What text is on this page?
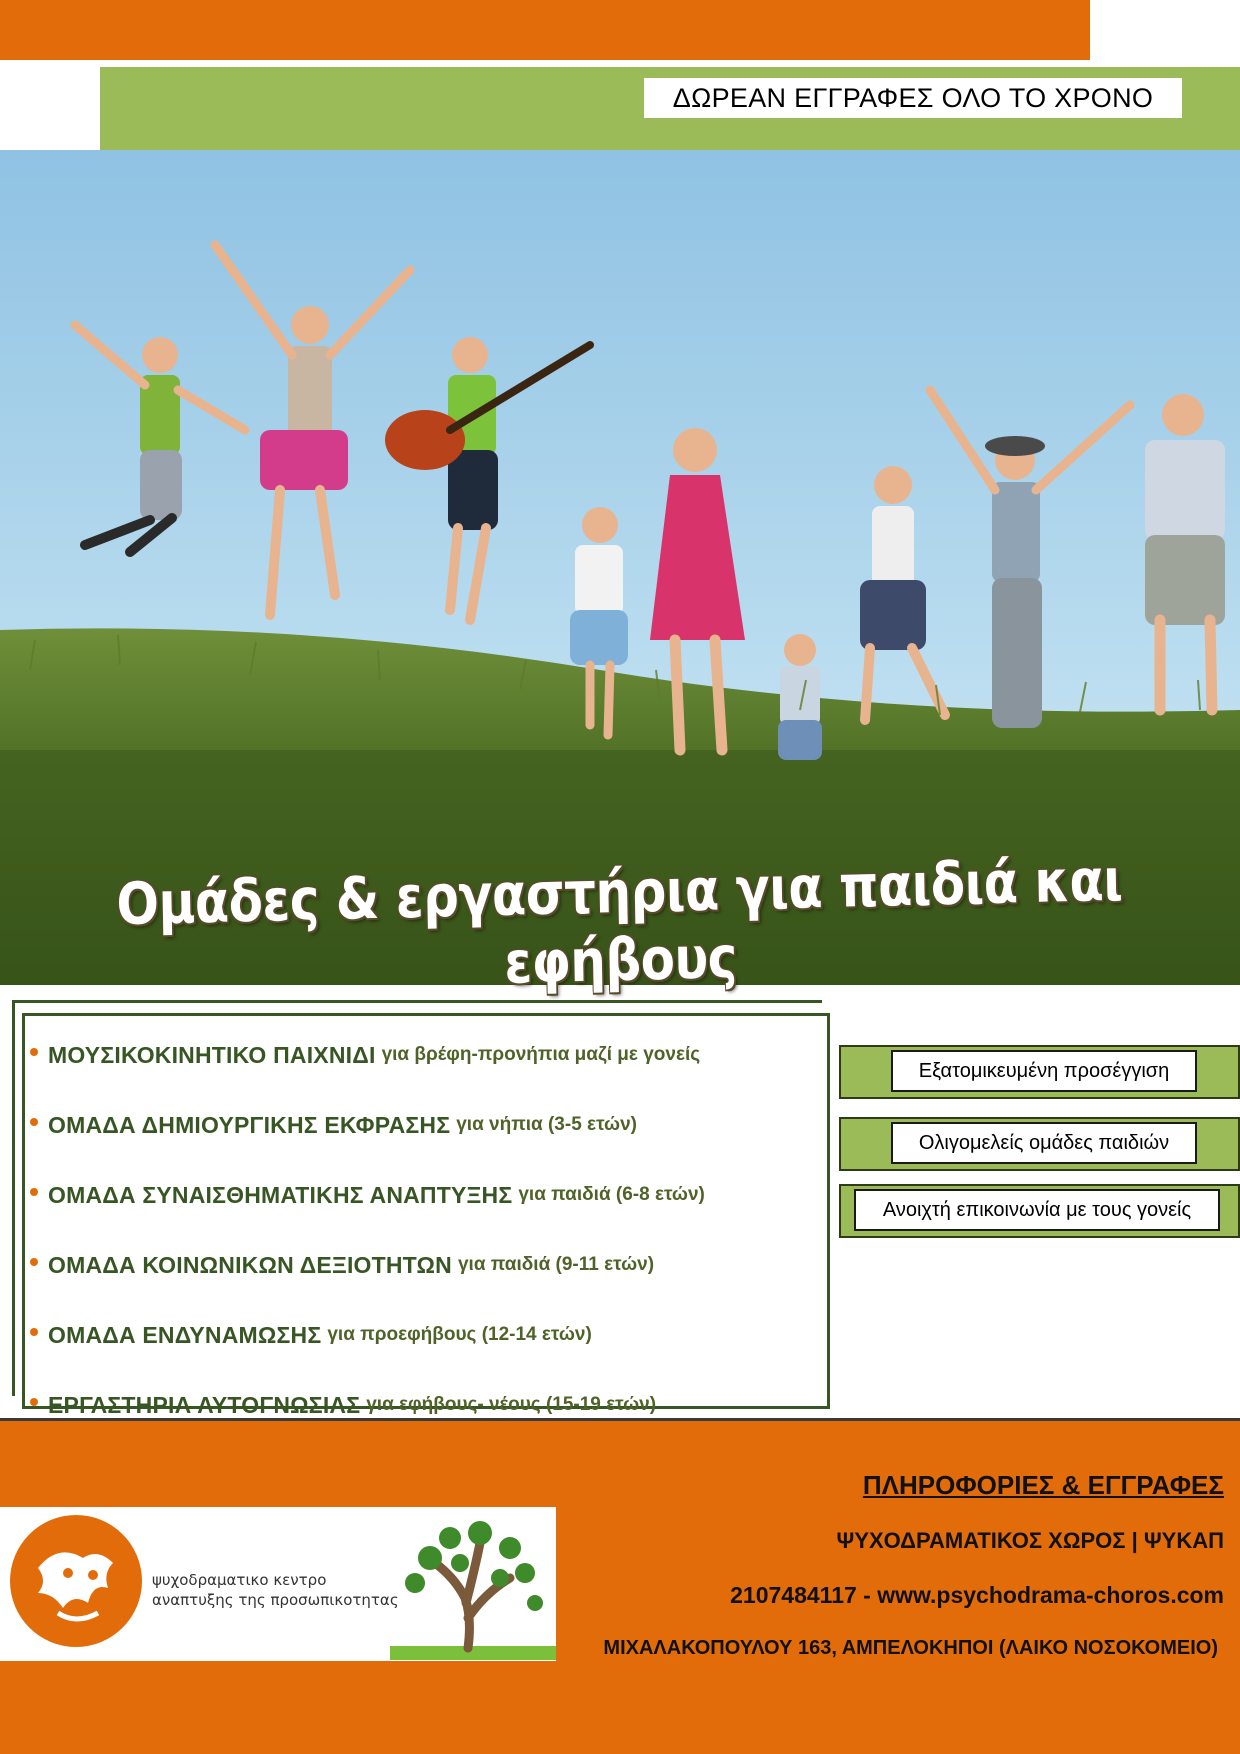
ΔΩΡΕΑΝ ΕΓΓΡΑΦΕΣ ΟΛΟ ΤΟ ΧΡΟΝΟ
Ομάδες & εργαστήρια για παιδιά και εφήβους
ΜΟΥΣΙΚΟΚΙΝΗΤΙΚΟ ΠΑΙΧΝΙΔΙ για βρέφη-προνήπια μαζί με γονείς
ΟΜΑΔΑ ΔΗΜΙΟΥΡΓΙΚΗΣ ΕΚΦΡΑΣΗΣ για νήπια (3-5 ετών)
ΟΜΑΔΑ ΣΥΝΑΙΣΘΗΜΑΤΙΚΗΣ ΑΝΑΠΤΥΞΗΣ για παιδιά (6-8 ετών)
ΟΜΑΔΑ ΚΟΙΝΩΝΙΚΩΝ ΔΕΞΙΟΤΗΤΩΝ για παιδιά (9-11 ετών)
ΟΜΑΔΑ ΕΝΔΥΝΑΜΩΣΗΣ για προεφήβους (12-14 ετών)
ΕΡΓΑΣΤΗΡΙΑ ΑΥΤΟΓΝΩΣΙΑΣ για εφήβους- νέους (15-19 ετών)
Εξατομικευμένη προσέγγιση
Ολιγομελείς ομάδες παιδιών
Ανοιχτή επικοινωνία με τους γονείς
ψυχοδραματικο κεντρο
αναπτυξης της προσωπικοτητας
ΠΛΗΡΟΦΟΡΙΕΣ & ΕΓΓΡΑΦΕΣ
ΨΥΧΟΔΡΑΜΑΤΙΚΟΣ ΧΩΡΟΣ | ΨΥΚΑΠ
2107484117 - www.psychodrama-choros.com
ΜΙΧΑΛΑΚΟΠΟΥΛΟΥ 163, ΑΜΠΕΛΟΚΗΠΟΙ (ΛΑΙΚΟ ΝΟΣΟΚΟΜΕΙΟ)
